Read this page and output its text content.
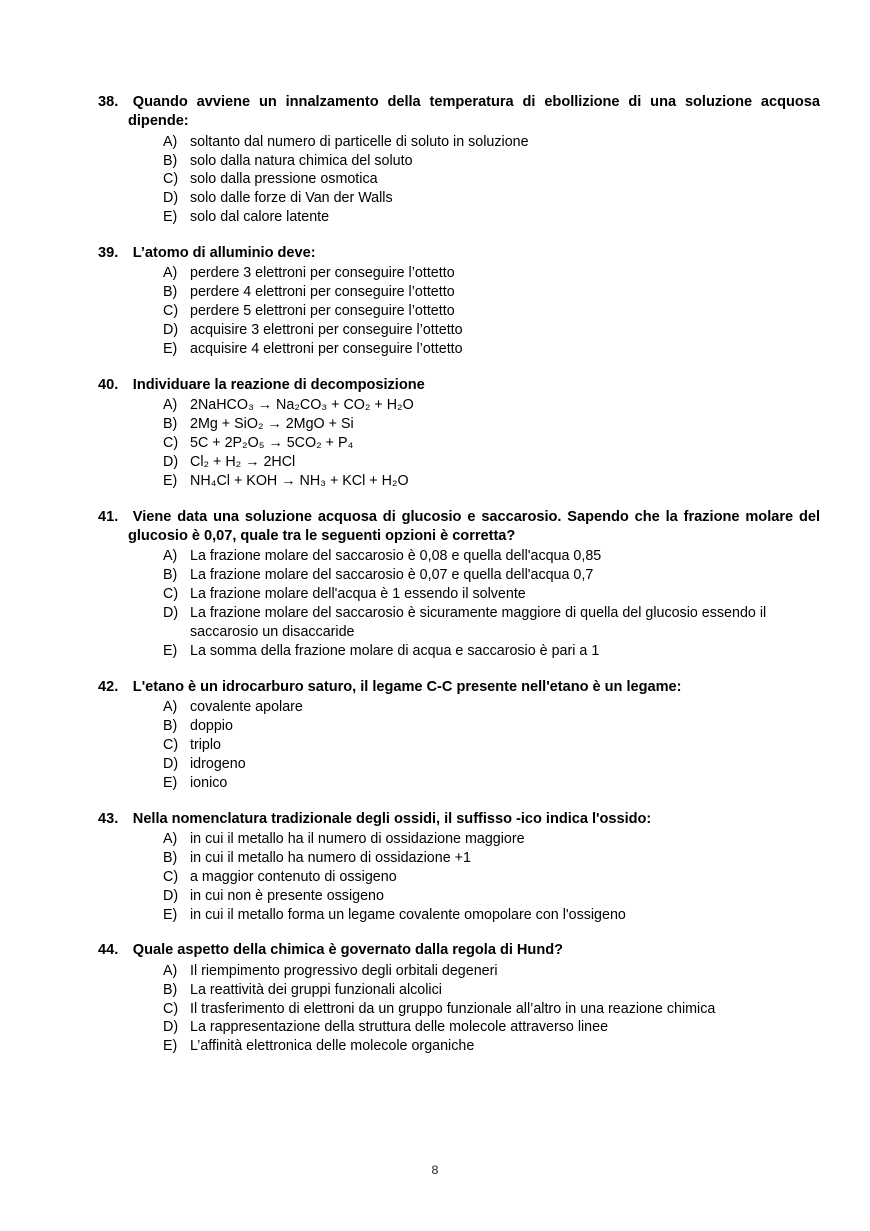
38.   Quando avviene un innalzamento della temperatura di ebollizione di una soluzione acquosa dipende:

A) soltanto dal numero di particelle di soluto in soluzione
B) solo dalla natura chimica del soluto
C) solo dalla pressione osmotica
D) solo dalle forze di Van der Walls
E) solo dal calore latente

39.   L’atomo di alluminio deve:

A) perdere 3 elettroni per conseguire l’ottetto
B) perdere 4 elettroni per conseguire l’ottetto
C) perdere 5 elettroni per conseguire l’ottetto
D) acquisire 3 elettroni per conseguire l’ottetto
E) acquisire 4 elettroni per conseguire l’ottetto

40.   Individuare la reazione di decomposizione

A) 2NaHCO₃ → Na₂CO₃ + CO₂ + H₂O
B) 2Mg + SiO₂ → 2MgO + Si
C) 5C + 2P₂O₅ → 5CO₂ + P₄
D) Cl₂ + H₂ → 2HCl
E) NH₄Cl + KOH → NH₃ + KCl + H₂O

41.   Viene data una soluzione acquosa di glucosio e saccarosio. Sapendo che la frazione molare del glucosio è 0,07, quale tra le seguenti opzioni è corretta?

A) La frazione molare del saccarosio è 0,08 e quella dell'acqua 0,85
B) La frazione molare del saccarosio è 0,07 e quella dell'acqua 0,7
C) La frazione molare dell'acqua è 1 essendo il solvente
D) La frazione molare del saccarosio è sicuramente maggiore di quella del glucosio essendo il saccarosio un disaccaride
E) La somma della frazione molare di acqua e saccarosio è pari a 1

42.   L'etano è un idrocarburo saturo, il legame C-C presente nell'etano è un legame:

A) covalente apolare
B) doppio
C) triplo
D) idrogeno
E) ionico

43.   Nella nomenclatura tradizionale degli ossidi, il suffisso -ico indica l'ossido:

A) in cui il metallo ha il numero di ossidazione maggiore
B) in cui il metallo ha numero di ossidazione +1
C) a maggior contenuto di ossigeno
D) in cui non è presente ossigeno
E) in cui il metallo forma un legame covalente omopolare con l'ossigeno

44.   Quale aspetto della chimica è governato dalla regola di Hund?

A) Il riempimento progressivo degli orbitali degeneri
B) La reattività dei gruppi funzionali alcolici
C) Il trasferimento di elettroni da un gruppo funzionale all’altro in una reazione chimica
D) La rappresentazione della struttura delle molecole attraverso linee
E) L’affinità elettronica delle molecole organiche
8
